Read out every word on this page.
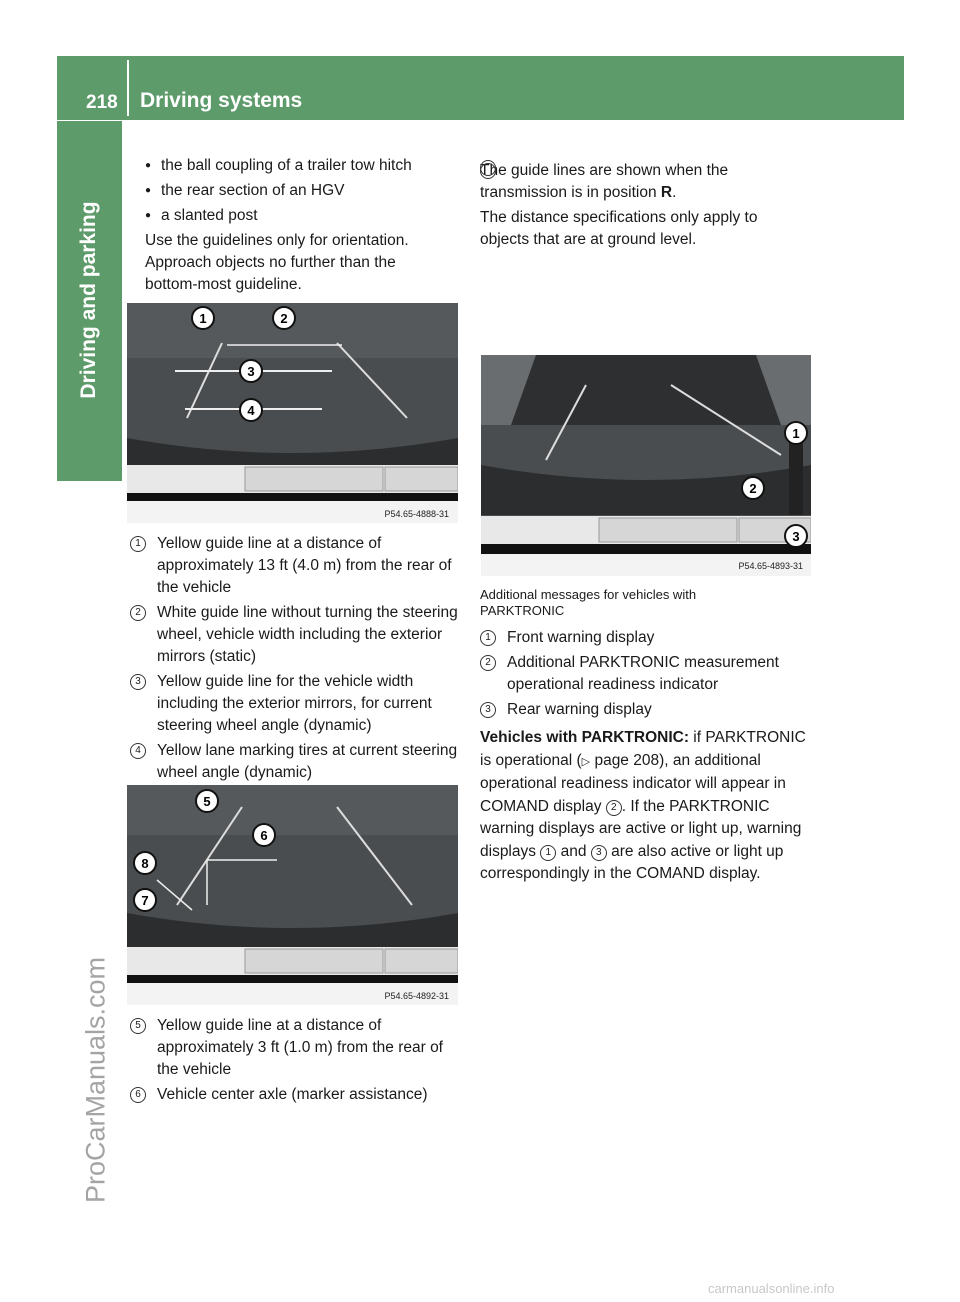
218 Driving systems
Driving and parking
ProCarManuals.com
carmanualsonline.info

● the ball coupling of a trailer tow hitch

● the rear section of an HGV

● a slanted post

Use the guidelines only for orientation. Approach objects no further than the bottom-most guideline.

1	2
3
4
P54.65-4888-31

1	Yellow guide line at a distance of approximately 13 ft (4.0 m) from the rear of the vehicle

2	White guide line without turning the steering wheel, vehicle width including the exterior mirrors (static)

3	Yellow guide line for the vehicle width including the exterior mirrors, for current steering wheel angle (dynamic)

4	Yellow lane marking tires at current steering wheel angle (dynamic)

5
6
8
7
P54.65-4892-31

5	Yellow guide line at a distance of approximately 3 ft (1.0 m) from the rear of the vehicle

6	Vehicle center axle (marker assistance)

The guide lines are shown when the transmission is in position R.

The distance specifications only apply to objects that are at ground level.

1
2
3
P54.65-4893-31

Additional messages for vehicles with PARKTRONIC

1	Front warning display

2	Additional PARKTRONIC measurement operational readiness indicator

3	Rear warning display

Vehicles with PARKTRONIC: if PARKTRONIC is operational (▷ page 208), an additional operational readiness indicator will appear in COMAND display 2 . If the PARKTRONIC warning displays are active or light up, warning displays 1 and 3 are also active or light up correspondingly in the COMAND display.
